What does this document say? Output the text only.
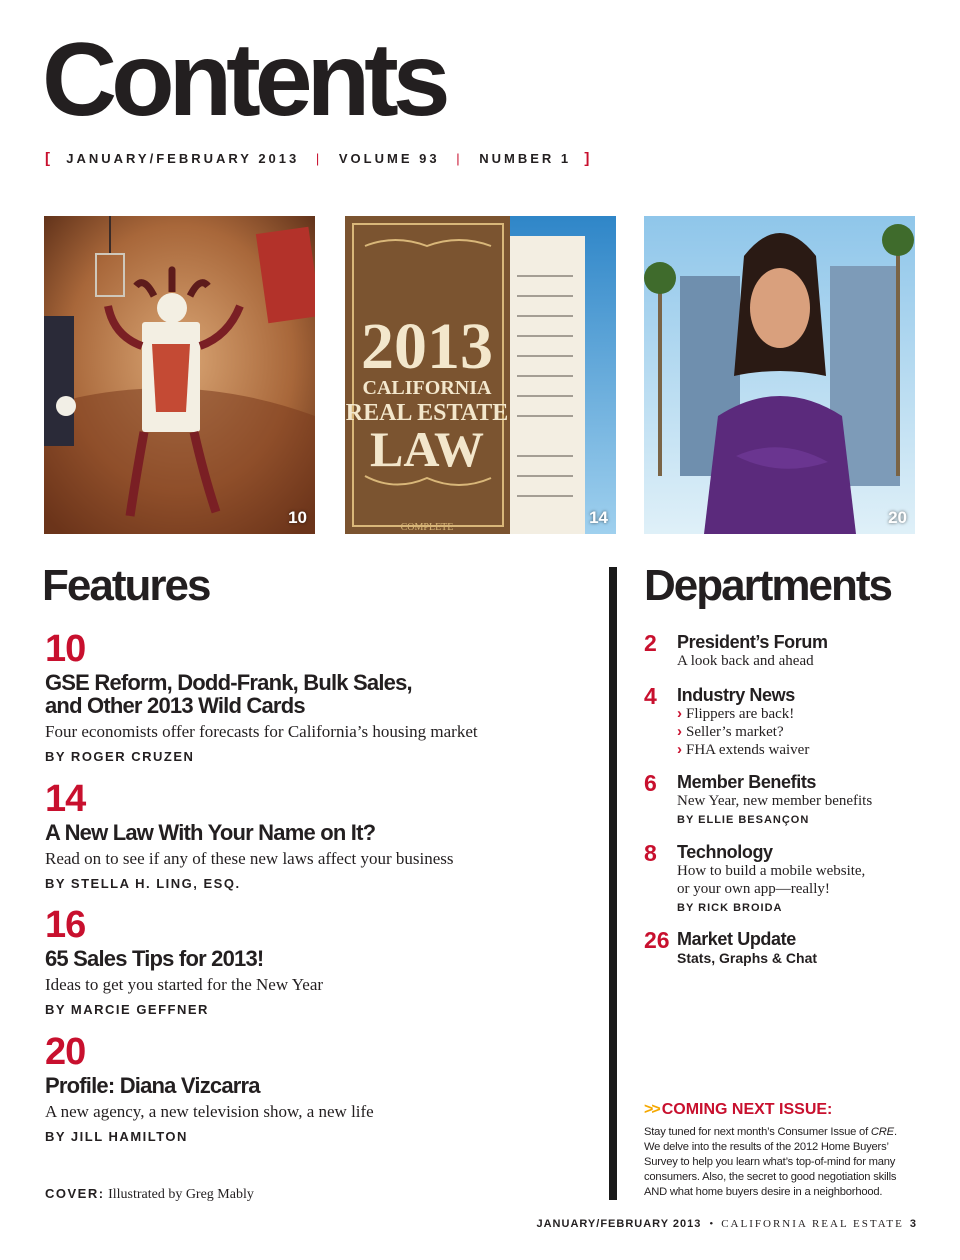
Contents
[ JANUARY/FEBRUARY 2013 | VOLUME 93 | NUMBER 1 ]
10
2013
CALIFORNIA
REAL ESTATE
LAW
COMPLETE
14	20
Features	Departments
10
GSE Reform, Dodd-Frank, Bulk Sales,
and Other 2013 Wild Cards
Four economists offer forecasts for California’s housing market
BY ROGER CRUZEN
14
A New Law With Your Name on It?
Read on to see if any of these new laws affect your business
BY STELLA H. LING, ESQ.
16
65 Sales Tips for 2013!
Ideas to get you started for the New Year
BY MARCIE GEFFNER
20
Profile: Diana Vizcarra
A new agency, a new television show, a new life
BY JILL HAMILTON
2 President’s Forum
A look back and ahead
4 Industry News
› Flippers are back!
› Seller’s market?
› FHA extends waiver
6 Member Benefits
New Year, new member benefits
BY ELLIE BESANÇON
8 Technology
How to build a mobile website,
or your own app—really!
BY RICK BROIDA
26 Market Update
Stats, Graphs & Chat
>> COMING NEXT ISSUE:
Stay tuned for next month’s Consumer Issue of CRE. We delve into the results of the 2012 Home Buyers’ Survey to help you learn what’s top-of-mind for many consumers. Also, the secret to good negotiation skills AND what home buyers desire in a neighborhood.
COVER: Illustrated by Greg Mably
JANUARY/FEBRUARY 2013 • CALIFORNIA REAL ESTATE 3
